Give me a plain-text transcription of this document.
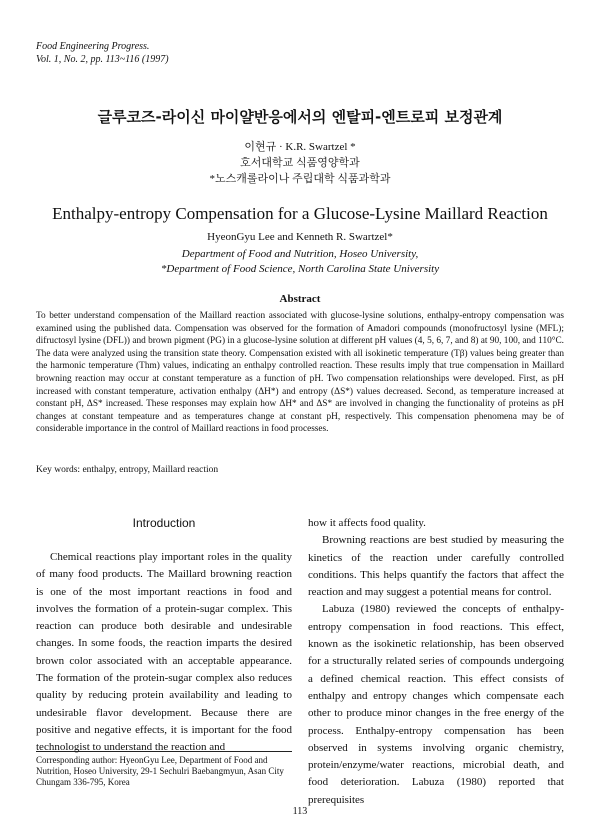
Food Engineering Progress.
Vol. 1, No. 2, pp. 113~116 (1997)
글루코즈-라이신 마이얄반응에서의 엔탈피-엔트로피 보정관계
이현규 · K.R. Swartzel *
호서대학교 식품영양학과
*노스캐롤라이나 주립대학 식품과학과
Enthalpy-entropy Compensation for a Glucose-Lysine Maillard Reaction
HyeonGyu Lee and Kenneth R. Swartzel*
Department of Food and Nutrition, Hoseo University,
*Department of Food Science, North Carolina State University
Abstract
To better understand compensation of the Maillard reaction associated with glucose-lysine solutions, enthalpy-entropy compensation was examined using the published data. Compensation was observed for the formation of Amadori compounds (monofructosyl lysine (MFL); difructosyl lysine (DFL)) and brown pigment (PG) in a glucose-lysine solution at different pH values (4, 5, 6, 7, and 8) at 90, 100, and 110°C. The data were analyzed using the transition state theory. Compensation existed with all isokinetic temperature (Tβ) values being greater than the harmonic temperature (Thm) values, indicating an enthalpy controlled reaction. These results imply that true compensation in Maillard browning reaction may occur at constant temperature as a function of pH. Two compensation relationships were developed. First, as pH increased with constant temperature, activation enthalpy (ΔH*) and entropy (ΔS*) values decreased. Second, as temperature increased at constant pH, ΔS* increased. These responses may explain how ΔH* and ΔS* are involved in changing the functionality of proteins as pH changes at constant tempeature and as temperatures change at constant pH, respectively. This compensation phenomena may be of considerable importance in the control of Maillard reactions in food processes.
Key words: enthalpy, entropy, Maillard reaction
Introduction

Chemical reactions play important roles in the quality of many food products. The Maillard browning reaction is one of the most important reactions in food and involves the formation of a protein-sugar complex. This reaction can produce both desirable and undesirable changes. In some foods, the reaction imparts the desired brown color associated with an acceptable appearance. The formation of the protein-sugar complex also reduces quality by reducing protein availability and leading to undesirable flavor development. Because there are positive and negative effects, it is important for the food technologist to understand the reaction and

how it affects food quality.

Browning reactions are best studied by measuring the kinetics of the reaction under carefully controlled conditions. This helps quantify the factors that affect the reaction and may suggest a potential means for control.

Labuza (1980) reviewed the concepts of enthalpy-entropy compensation in food reactions. This effect, known as the isokinetic relationship, has been observed for a structurally related series of compounds undergoing a defined chemical reaction. This effect consists of enthalpy and entropy changes which compensate each other to produce minor changes in the free energy of the process. Enthalpy-entropy compensation has been observed in systems involving organic chemistry, protein/enzyme/water reactions, microbial death, and food deterioration. Labuza (1980) reported that prerequisites

Corresponding author: HyeonGyu Lee, Department of Food and Nutrition, Hoseo University, 29-1 Sechulri Baebangmyun, Asan City Chungam 336-795, Korea
113
